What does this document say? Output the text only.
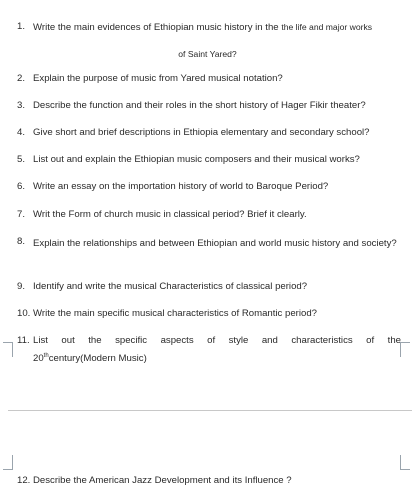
1. Write the main evidences of Ethiopian music history in the the life and major works
of Saint Yared?
2. Explain the purpose of music from Yared musical notation?
3. Describe the function and their roles in the short history of Hager Fikir theater?
4. Give short and brief descriptions in Ethiopia elementary and secondary school?
5. List out and explain the Ethiopian music composers and their musical works?
6. Write an essay on the importation history of world to Baroque Period?
7. Writ the Form of church music in classical period? Brief it clearly.
8. Explain the relationships and between Ethiopian and world music history and society?
9. Identify and write the musical Characteristics of classical period?
10. Write the main specific musical characteristics of Romantic period?
11. List out the specific aspects of style and characteristics of the
20thcentury(Modern Music)
12. Describe the American Jazz Development and its Influence ?
